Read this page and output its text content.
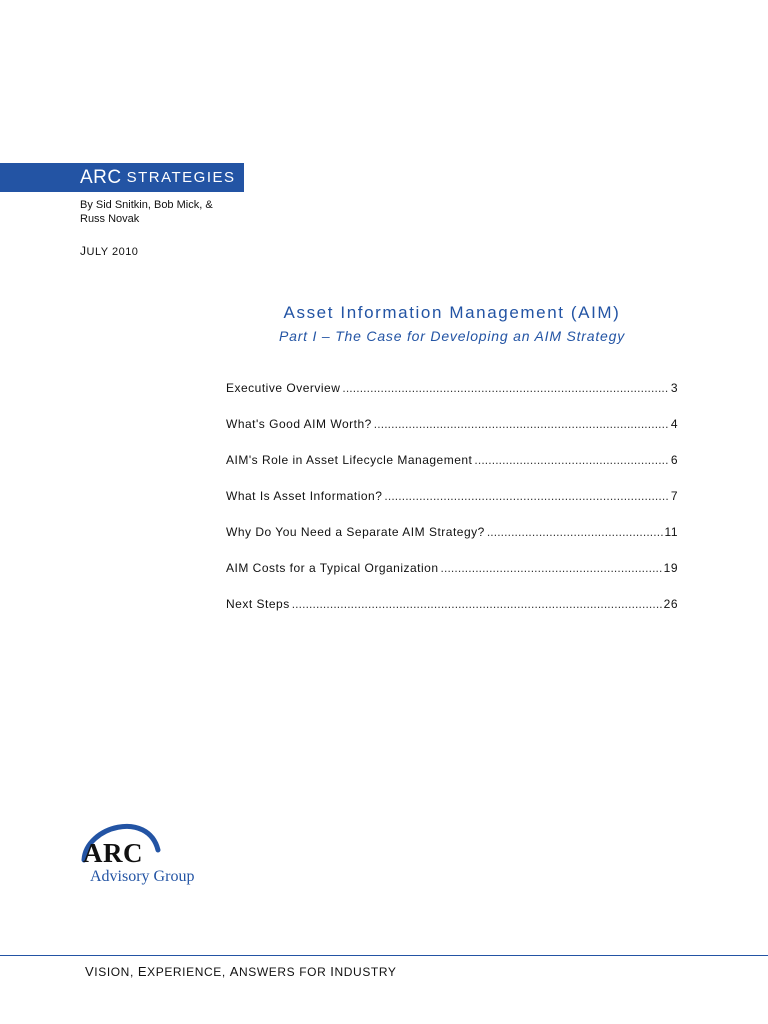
ARC STRATEGIES
By Sid Snitkin, Bob Mick, &
Russ Novak
JULY 2010
Asset Information Management (AIM)
Part I – The Case for Developing an AIM Strategy
Executive Overview . . .	3
What's Good AIM Worth? . . .	4
AIM's Role in Asset Lifecycle Management . . .	6
What Is Asset Information? . . .	7
Why Do You Need a Separate AIM Strategy? . . .	11
AIM Costs for a Typical Organization . . .	19
Next Steps . . .	26
ARC
Advisory Group
VISION, EXPERIENCE, ANSWERS FOR INDUSTRY
